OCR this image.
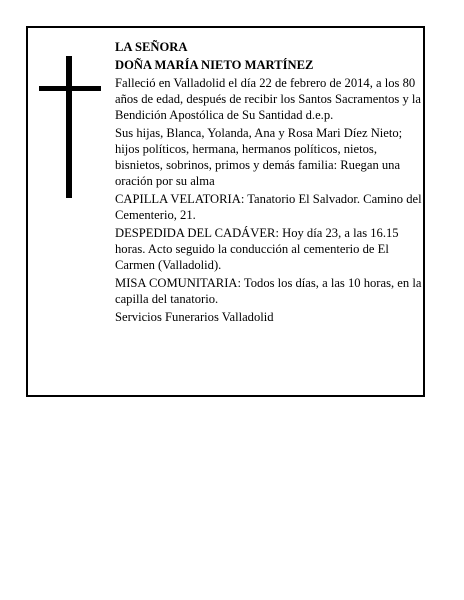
LA SEÑORA

DOÑA MARÍA NIETO MARTÍNEZ

Falleció en Valladolid el día 22 de febrero de 2014, a los 80 años de edad, después de recibir los Santos Sacramentos y la Bendición Apostólica de Su Santidad d.e.p.

Sus hijas, Blanca, Yolanda, Ana y Rosa Mari Díez Nieto; hijos políticos, hermana, hermanos políticos, nietos, bisnietos, sobrinos, primos y demás familia: Ruegan una oración por su alma

CAPILLA VELATORIA: Tanatorio El Salvador. Camino del Cementerio, 21.

DESPEDIDA DEL CADÁVER: Hoy día 23, a las 16.15 horas. Acto seguido la conducción al cementerio de El Carmen (Valladolid).

MISA COMUNITARIA: Todos los días, a las 10 horas, en la capilla del tanatorio.

Servicios Funerarios Valladolid
